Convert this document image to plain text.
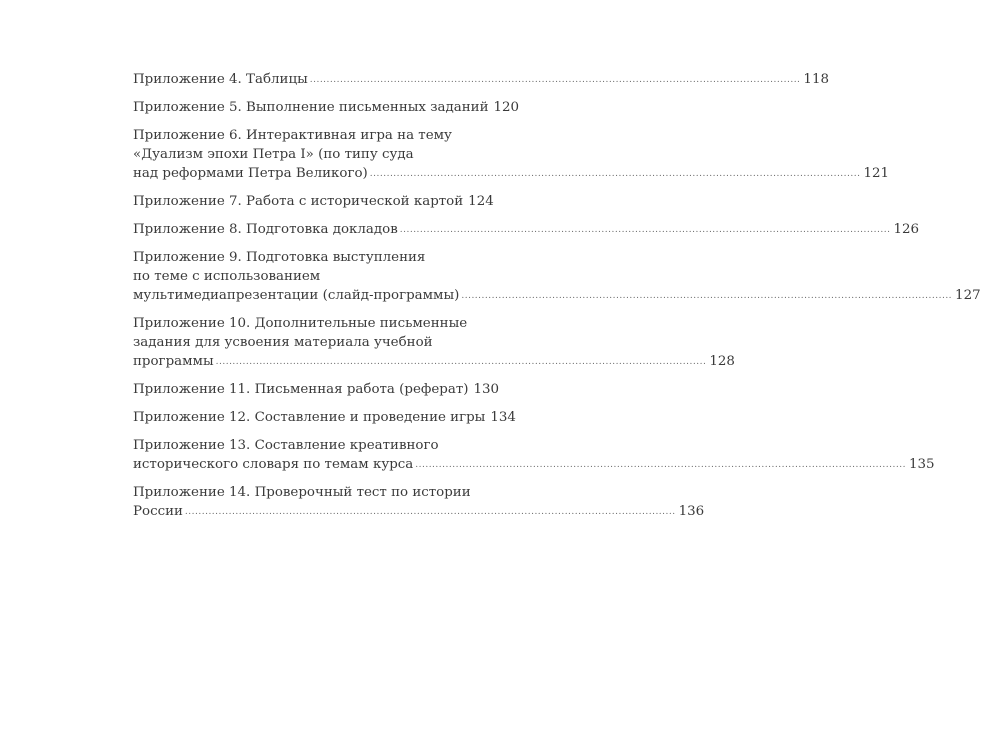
Приложение 4. Таблицы .................................................................................................................................................. 118
Приложение 5. Выполнение письменных заданий 120
Приложение 6. Интерактивная игра на тему
«Дуализм эпохи Петра I» (по типу суда
над реформами Петра Великого) .................................................................................................................................................. 121
Приложение 7. Работа с исторической картой 124
Приложение 8. Подготовка докладов .................................................................................................................................................. 126
Приложение 9. Подготовка выступления
по теме с использованием
мультимедиапрезентации (слайд-программы) .................................................................................................................................................. 127
Приложение 10. Дополнительные письменные
задания для усвоения материала учебной
программы .................................................................................................................................................. 128
Приложение 11. Письменная работа (реферат) 130
Приложение 12. Составление и проведение игры 134
Приложение 13. Составление креативного
исторического словаря по темам курса .................................................................................................................................................. 135
Приложение 14. Проверочный тест по истории
России .................................................................................................................................................. 136
